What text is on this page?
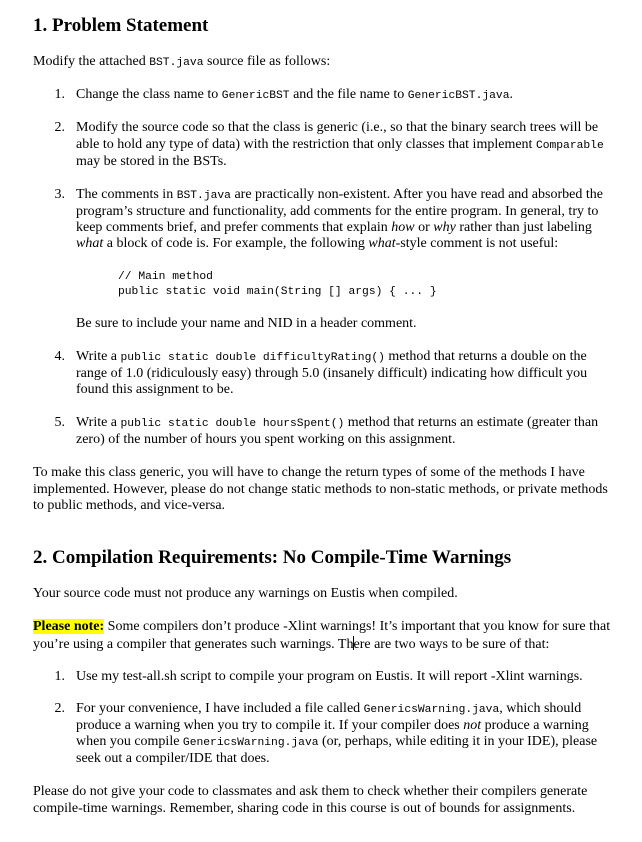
1. Problem Statement
Modify the attached BST.java source file as follows:
1. Change the class name to GenericBST and the file name to GenericBST.java.
2. Modify the source code so that the class is generic (i.e., so that the binary search trees will be
able to hold any type of data) with the restriction that only classes that implement Comparable
may be stored in the BSTs.
3. The comments in BST.java are practically non-existent. After you have read and absorbed the
program’s structure and functionality, add comments for the entire program. In general, try to
keep comments brief, and prefer comments that explain how or why rather than just labeling
what a block of code is. For example, the following what-style comment is not useful:
// Main method
public static void main(String [] args) { ... }
Be sure to include your name and NID in a header comment.
4. Write a public static double difficultyRating() method that returns a double on the
range of 1.0 (ridiculously easy) through 5.0 (insanely difficult) indicating how difficult you
found this assignment to be.
5. Write a public static double hoursSpent() method that returns an estimate (greater than
zero) of the number of hours you spent working on this assignment.
To make this class generic, you will have to change the return types of some of the methods I have
implemented. However, please do not change static methods to non-static methods, or private methods
to public methods, and vice-versa.
2. Compilation Requirements: No Compile-Time Warnings
Your source code must not produce any warnings on Eustis when compiled.
Please note: Some compilers don’t produce -Xlint warnings! It’s important that you know for sure that
you’re using a compiler that generates such warnings. There are two ways to be sure of that:
1. Use my test-all.sh script to compile your program on Eustis. It will report -Xlint warnings.
2. For your convenience, I have included a file called GenericsWarning.java, which should
produce a warning when you try to compile it. If your compiler does not produce a warning
when you compile GenericsWarning.java (or, perhaps, while editing it in your IDE), please
seek out a compiler/IDE that does.
Please do not give your code to classmates and ask them to check whether their compilers generate
compile-time warnings. Remember, sharing code in this course is out of bounds for assignments.
